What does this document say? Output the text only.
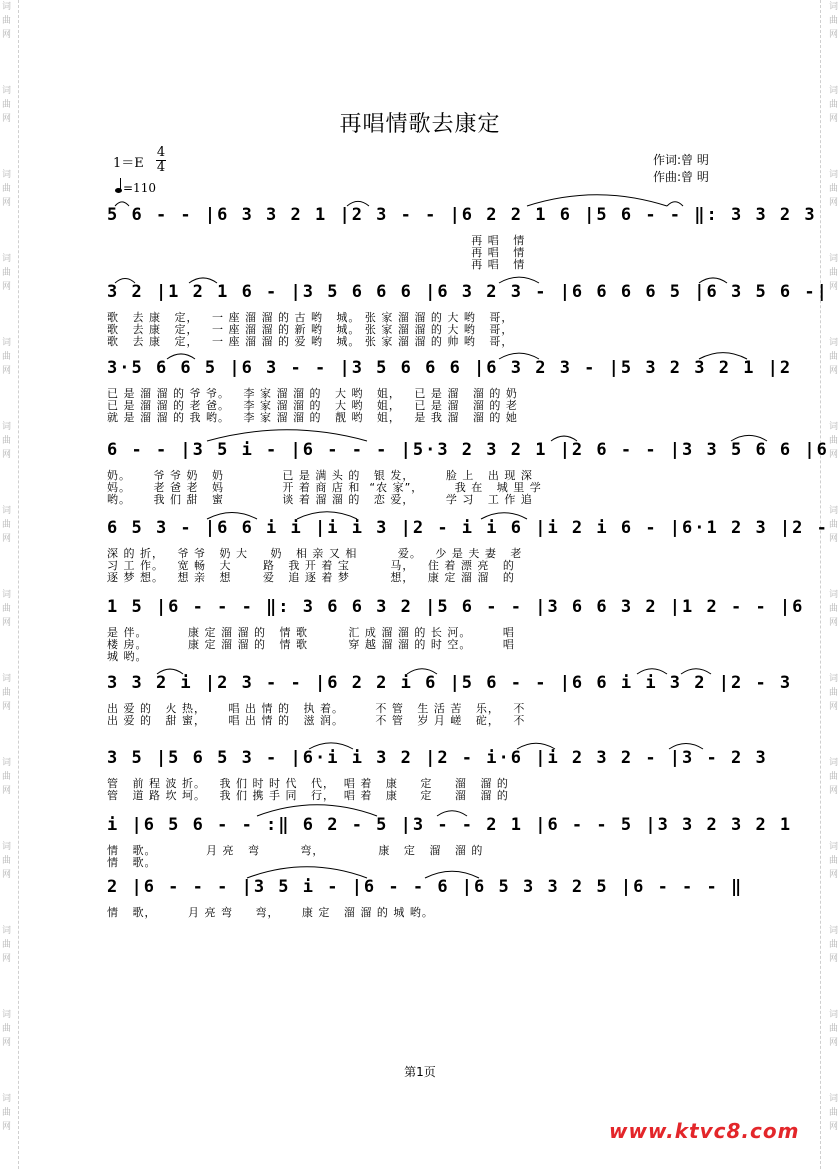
词
曲
网

词
曲
网

词
曲
网

词
曲
网

词
曲
网

词
曲
网

词
曲
网

词
曲
网

词
曲
网

词
曲
网

词
曲
网

词
曲
网

词
曲
网

词
曲
网
词
曲
网

词
曲
网

词
曲
网

词
曲
网

词
曲
网

词
曲
网

词
曲
网

词
曲
网

词
曲
网

词
曲
网

词
曲
网

词
曲
网

词
曲
网

词
曲
网
再唱情歌去康定
1＝E
4
4
=110
作词:曾 明
作曲:曾 明
5 6 - - |6 3 3 2 1 |2 3 - - |6 2 2 1 6 |5 6 - - ‖: 3 3 2 3
再 唱   情
再 唱   情
再 唱   情
3 2 |1 2 1 6 - |3 5 6 6 6 |6 3 2 3 - |6 6 6 6 5 |6 3 5 6 -|
歌   去 康   定，   一 座 溜 溜 的 古 哟   城。 张 家 溜 溜 的 大 哟   哥，
歌   去 康   定，   一 座 溜 溜 的 新 哟   城。 张 家 溜 溜 的 大 哟   哥，
歌   去 康   定，   一 座 溜 溜 的 爱 哟   城。 张 家 溜 溜 的 帅 哟   哥，
3·5 6 6 5 |6 3 - - |3 5 6 6 6 |6 3 2 3 - |5 3 2 3 2 1 |2
已 是 溜 溜 的 爷 爷。   李 家 溜 溜 的   大 哟   姐，   已 是 溜   溜 的 奶
已 是 溜 溜 的 老 爸。   李 家 溜 溜 的   大 哟   姐，   已 是 溜   溜 的 老
就 是 溜 溜 的 我 哟。   李 家 溜 溜 的   靓 哟   姐，   是 我 溜   溜 的 她
6 - - |3 5 i - |6 - - - |5·3 2 3 2 1 |2 6 - - |3 3 5 6 6 |6
奶。     爷 爷 奶   奶             已 是 满 头 的   银 发，       脸 上   出 现 深
妈。     老 爸 老   妈             开 着 商 店 和  “农 家”，       我 在   城 里 学
哟。     我 们 甜   蜜             谈 着 溜 溜 的   恋 爱，       学 习   工 作 追
6 5 3 - |6 6 i i |i i 3 |2 - i i 6 |i 2 i 6 - |6·1 2 3 |2 -
深 的 折，   爷 爷   奶 大     奶   相 亲 又 相         爱。   少 是 夫 妻   老
习 工 作。   宽 畅   大       路   我 开 着 宝         马，   住 着 漂 亮   的
逐 梦 想。   想 亲   想       爱   追 逐 着 梦         想，   康 定 溜 溜   的
1 5 |6 - - - ‖: 3 6 6 3 2 |5 6 - - |3 6 6 3 2 |1 2 - - |6
是 伴。         康 定 溜 溜 的   情 歌         汇 成 溜 溜 的 长 河。       唱
楼 房。         康 定 溜 溜 的   情 歌         穿 越 溜 溜 的 时 空。       唱
城 哟。
3 3 2 i |2 3 - - |6 2 2 i 6 |5 6 - - |6 6 i i 3 2 |2 - 3
出 爱 的   火 热，     唱 出 情 的   执 着。       不 管   生 活 苦   乐，   不
出 爱 的   甜 蜜，     唱 出 情 的   滋 润。       不 管   岁 月 嵯   砣，   不
3 5 |5 6 5 3 - |6·i i 3 2 |2 - i·6 |i 2 3 2 - |3 - 2 3
管   前 程 波 折。   我 们 时 时 代   代，  唱 着   康     定     溜   溜 的
管   道 路 坎 坷。   我 们 携 手 同   行，  唱 着   康     定     溜   溜 的
i |6 5 6 - - :‖ 6 2 - 5 |3 - - 2 1 |6 - - 5 |3 3 2 3 2 1
情   歌。           月 亮   弯         弯，            康   定   溜   溜 的
情   歌。
2 |6 - - - |3 5 i - |6 - - 6 |6 5 3 3 2 5 |6 - - - ‖
情   歌，       月 亮 弯     弯，     康 定   溜 溜 的 城 哟。
第1页
www.ktvc8.com
